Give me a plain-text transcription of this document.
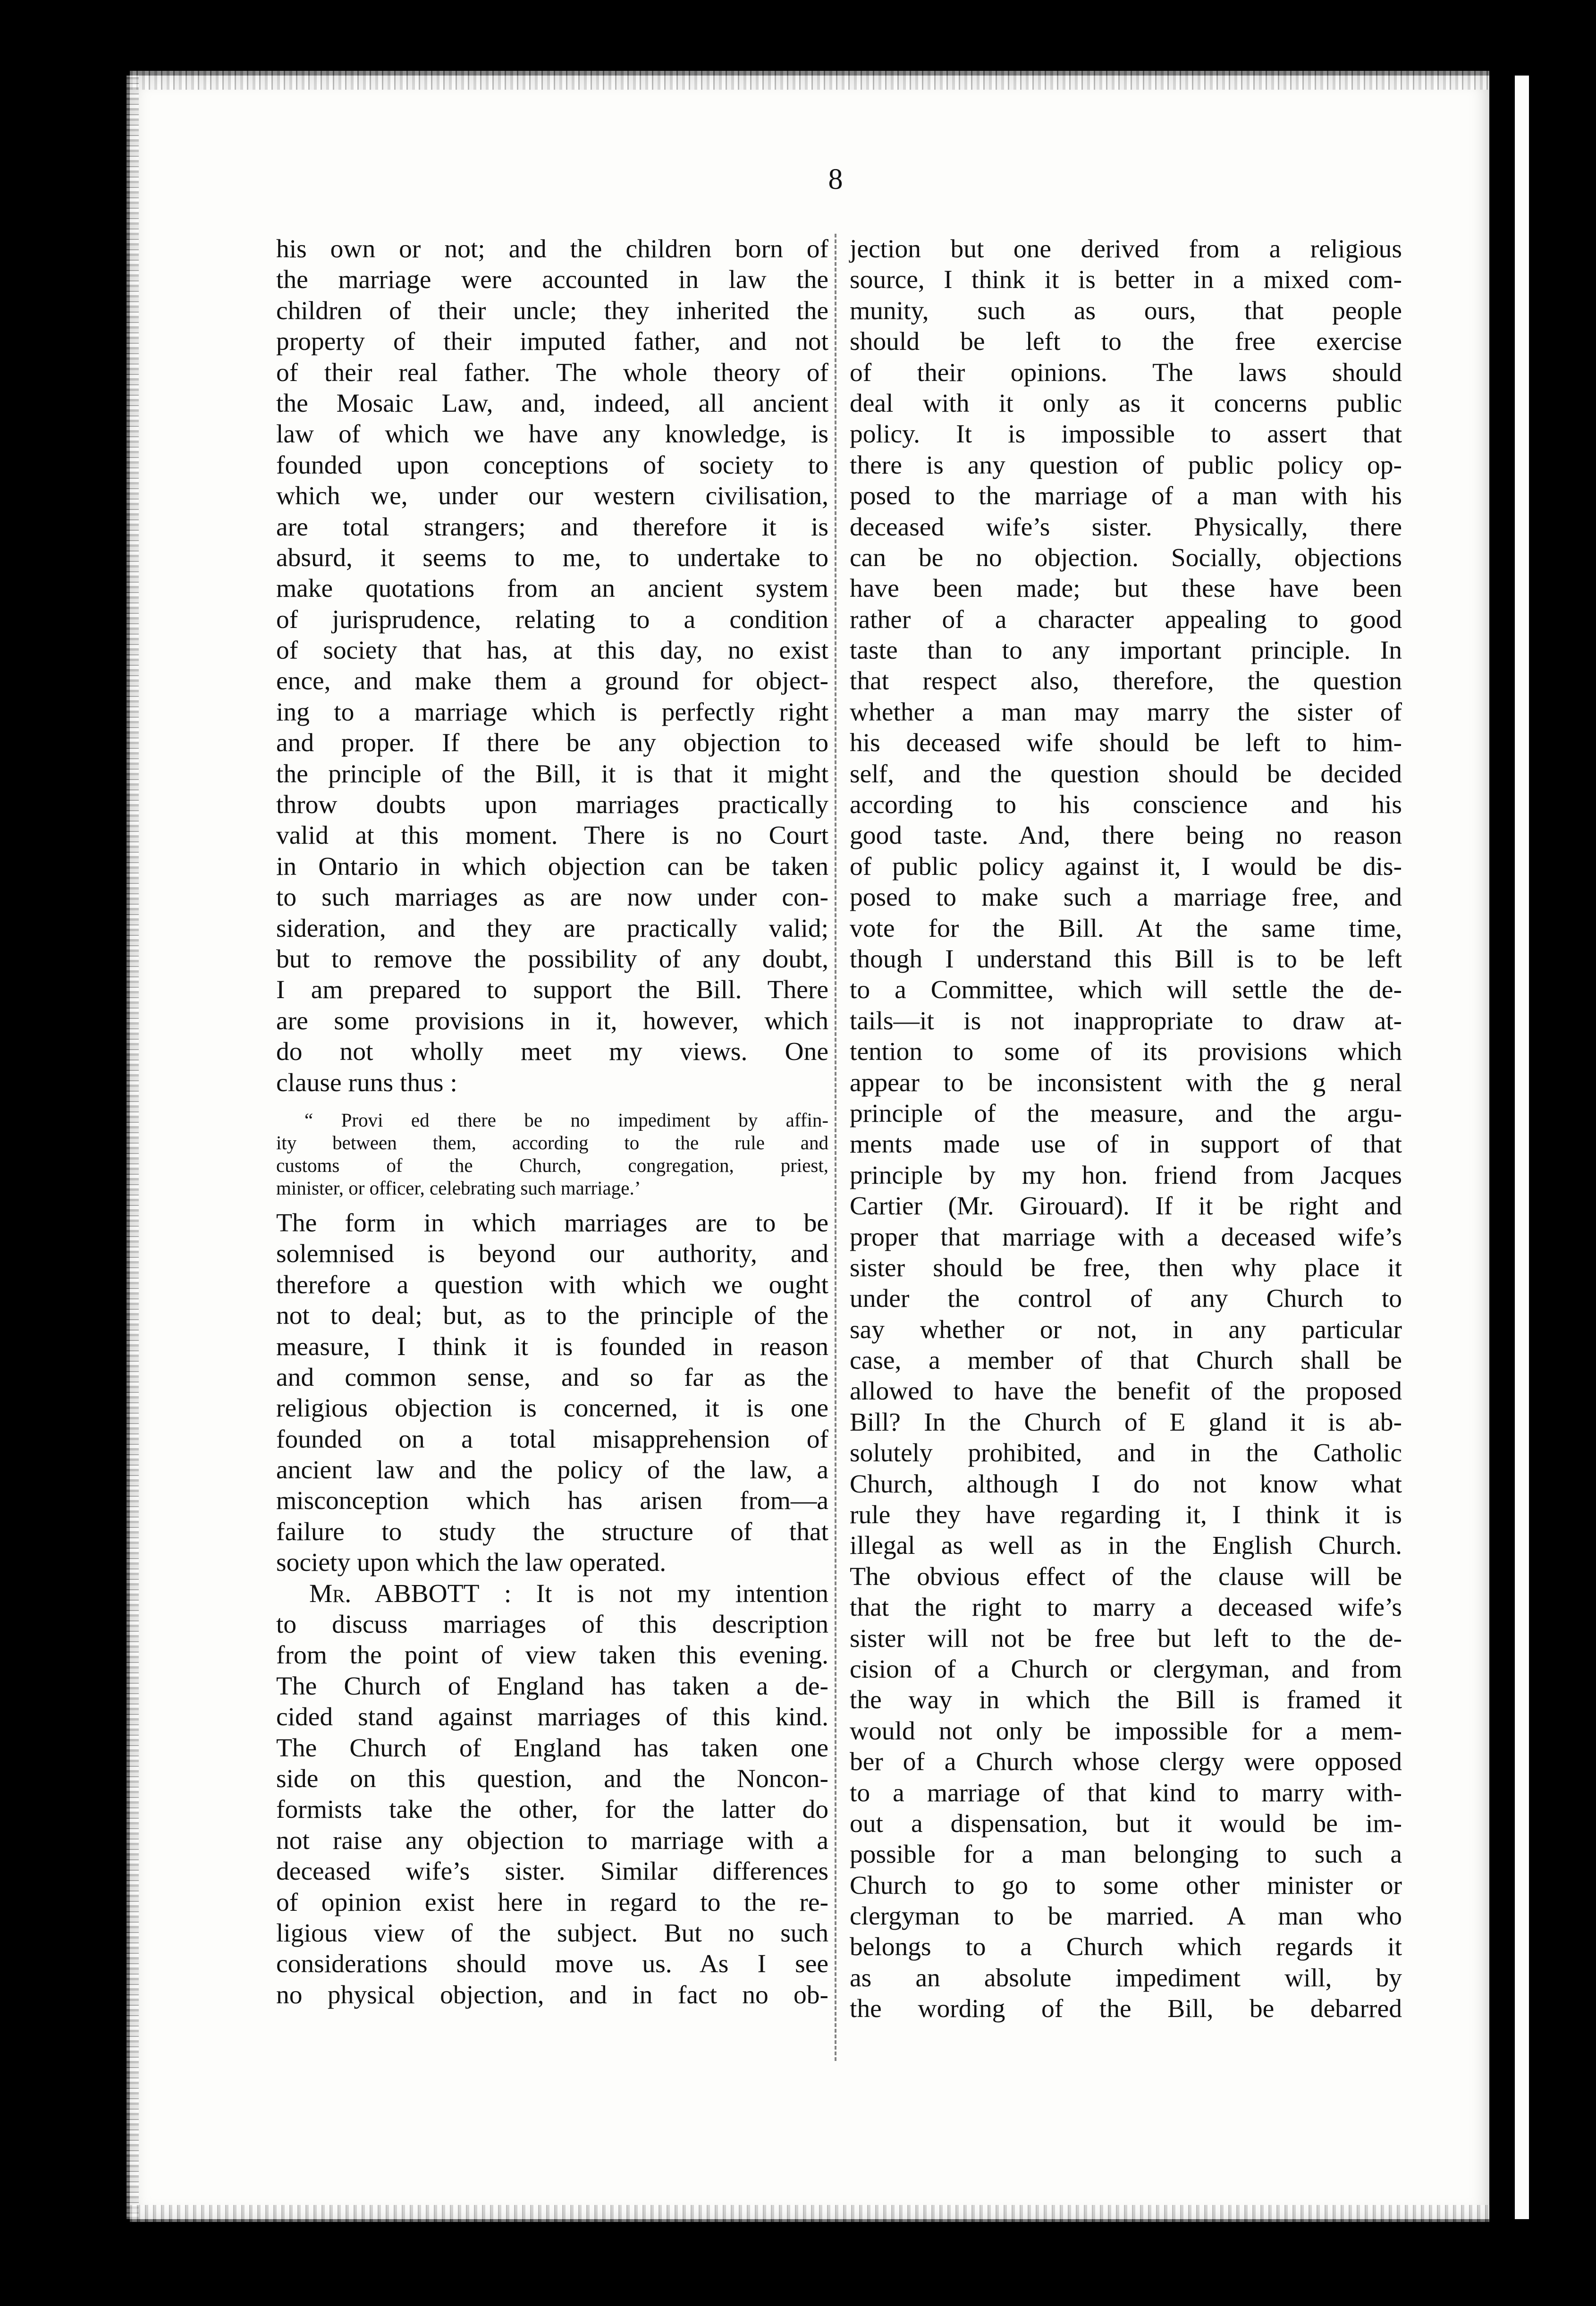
8
his own or not; and the children born of
the marriage were accounted in law the
children of their uncle; they inherited the
property of their imputed father, and not
of their real father. The whole theory of
the Mosaic Law, and, indeed, all ancient
law of which we have any knowledge, is
founded upon conceptions of society to
which we, under our western civilisation,
are total strangers; and therefore it is
absurd, it seems to me, to undertake to
make quotations from an ancient system
of jurisprudence, relating to a condition
of society that has, at this day, no exist
ence, and make them a ground for object-
ing to a marriage which is perfectly right
and proper. If there be any objection to
the principle of the Bill, it is that it might
throw doubts upon marriages practically
valid at this moment. There is no Court
in Ontario in which objection can be taken
to such marriages as are now under con-
sideration, and they are practically valid;
but to remove the possibility of any doubt,
I am prepared to support the Bill. There
are some provisions in it, however, which
do not wholly meet my views. One
clause runs thus :
“ Provi ed there be no impediment by affin-
ity between them, according to the rule and
customs of the Church, congregation, priest,
minister, or officer, celebrating such marriage.’
The form in which marriages are to be
solemnised is beyond our authority, and
therefore a question with which we ought
not to deal; but, as to the principle of the
measure, I think it is founded in reason
and common sense, and so far as the
religious objection is concerned, it is one
founded on a total misapprehension of
ancient law and the policy of the law, a
misconception which has arisen from—a
failure to study the structure of that
society upon which the law operated.
Mr. ABBOTT : It is not my intention
to discuss marriages of this description
from the point of view taken this evening.
The Church of England has taken a de-
cided stand against marriages of this kind.
The Church of England has taken one
side on this question, and the Noncon-
formists take the other, for the latter do
not raise any objection to marriage with a
deceased wife’s sister. Similar differences
of opinion exist here in regard to the re-
ligious view of the subject. But no such
considerations should move us. As I see
no physical objection, and in fact no ob-
jection but one derived from a religious
source, I think it is better in a mixed com-
munity, such as ours, that people
should be left to the free exercise
of their opinions. The laws should
deal with it only as it concerns public
policy. It is impossible to assert that
there is any question of public policy op-
posed to the marriage of a man with his
deceased wife’s sister. Physically, there
can be no objection. Socially, objections
have been made; but these have been
rather of a character appealing to good
taste than to any important principle. In
that respect also, therefore, the question
whether a man may marry the sister of
his deceased wife should be left to him-
self, and the question should be decided
according to his conscience and his
good taste. And, there being no reason
of public policy against it, I would be dis-
posed to make such a marriage free, and
vote for the Bill. At the same time,
though I understand this Bill is to be left
to a Committee, which will settle the de-
tails—it is not inappropriate to draw at-
tention to some of its provisions which
appear to be inconsistent with the g neral
principle of the measure, and the argu-
ments made use of in support of that
principle by my hon. friend from Jacques
Cartier (Mr. Girouard). If it be right and
proper that marriage with a deceased wife’s
sister should be free, then why place it
under the control of any Church to
say whether or not, in any particular
case, a member of that Church shall be
allowed to have the benefit of the proposed
Bill? In the Church of E gland it is ab-
solutely prohibited, and in the Catholic
Church, although I do not know what
rule they have regarding it, I think it is
illegal as well as in the English Church.
The obvious effect of the clause will be
that the right to marry a deceased wife’s
sister will not be free but left to the de-
cision of a Church or clergyman, and from
the way in which the Bill is framed it
would not only be impossible for a mem-
ber of a Church whose clergy were opposed
to a marriage of that kind to marry with-
out a dispensation, but it would be im-
possible for a man belonging to such a
Church to go to some other minister or
clergyman to be married. A man who
belongs to a Church which regards it
as an absolute impediment will, by
the wording of the Bill, be debarred
